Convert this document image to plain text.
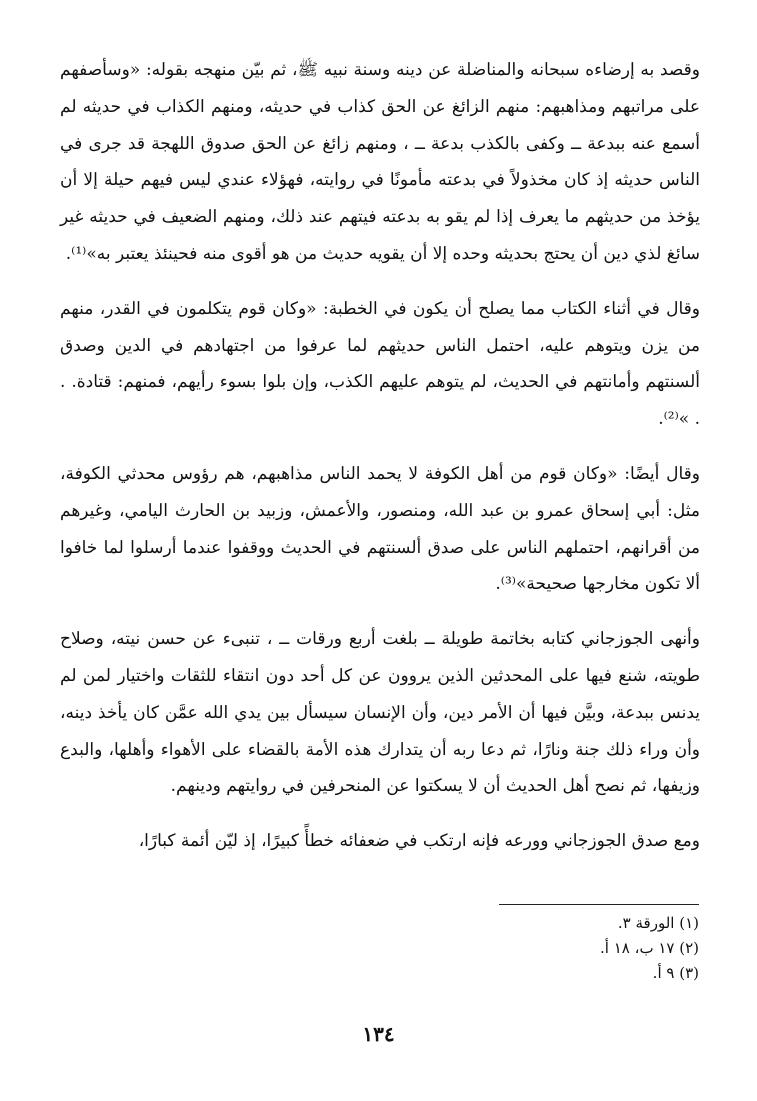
وقصد به إرضاءه سبحانه والمناضلة عن دينه وسنة نبيه ﷺ، ثم بيّن منهجه بقوله: «وسأصفهم على مراتبهم ومذاهبهم: منهم الزائغ عن الحق كذاب في حديثه، ومنهم الكذاب في حديثه لم أسمع عنه ببدعة ــ وكفى بالكذب بدعة ــ ، ومنهم زائغ عن الحق صدوق اللهجة قد جرى في الناس حديثه إذ كان مخذولاً في بدعته مأمونًا في روايته، فهؤلاء عندي ليس فيهم حيلة إلا أن يؤخذ من حديثهم ما يعرف إذا لم يقو به بدعته فيتهم عند ذلك، ومنهم الضعيف في حديثه غير سائغ لذي دين أن يحتج بحديثه وحده إلا أن يقويه حديث من هو أقوى منه فحينئذ يعتبر به»⁽¹⁾.

وقال في أثناء الكتاب مما يصلح أن يكون في الخطبة: «وكان قوم يتكلمون في القدر، منهم من يزن ويتوهم عليه، احتمل الناس حديثهم لما عرفوا من اجتهادهم في الدين وصدق ألسنتهم وأمانتهم في الحديث، لم يتوهم عليهم الكذب، وإن بلوا بسوء رأيهم، فمنهم: قتادة. . . »⁽²⁾.

وقال أيضًا: «وكان قوم من أهل الكوفة لا يحمد الناس مذاهبهم، هم رؤوس محدثي الكوفة، مثل: أبي إسحاق عمرو بن عبد الله، ومنصور، والأعمش، وزبيد بن الحارث اليامي، وغيرهم من أقرانهم، احتملهم الناس على صدق ألسنتهم في الحديث ووقفوا عندما أرسلوا لما خافوا ألا تكون مخارجها صحيحة»⁽³⁾.

وأنهى الجوزجاني كتابه بخاتمة طويلة ــ بلغت أربع ورقات ــ ، تنبىء عن حسن نيته، وصلاح طويته، شنع فيها على المحدثين الذين يروون عن كل أحد دون انتقاء للثقات واختيار لمن لم يدنس ببدعة، وبيَّن فيها أن الأمر دين، وأن الإنسان سيسأل بين يدي الله عمَّن كان يأخذ دينه، وأن وراء ذلك جنة ونارًا، ثم دعا ربه أن يتدارك هذه الأمة بالقضاء على الأهواء وأهلها، والبدع وزيفها، ثم نصح أهل الحديث أن لا يسكتوا عن المنحرفين في روايتهم ودينهم.

ومع صدق الجوزجاني وورعه فإنه ارتكب في ضعفائه خطأً كبيرًا، إذ ليّن أئمة كبارًا،

(١) الورقة ٣.

(٢) ١٧ ب، ١٨ أ.

(٣) ٩ أ.

١٣٤
